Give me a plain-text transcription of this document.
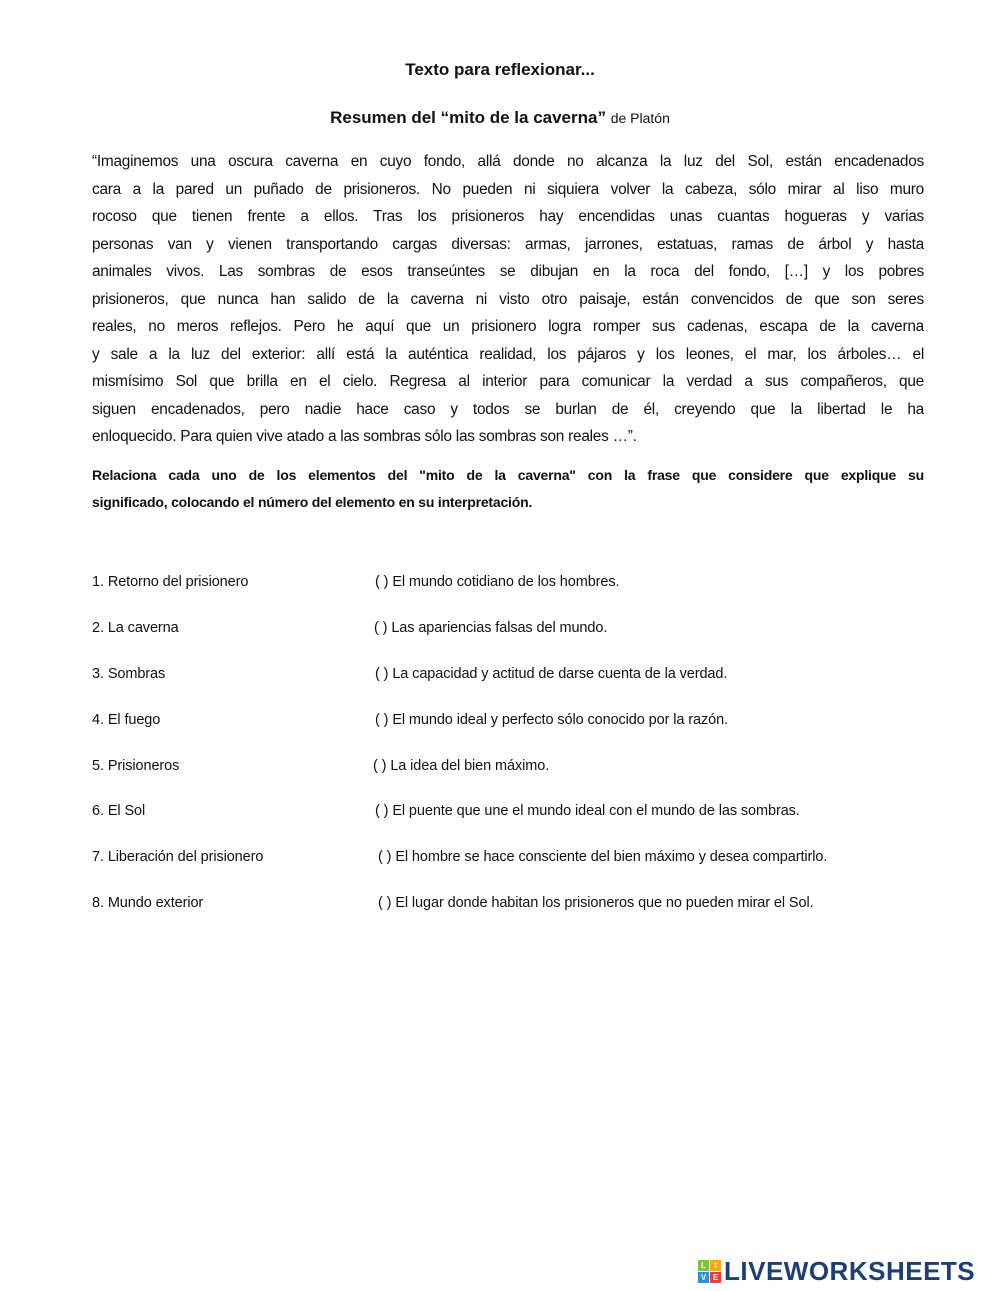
Texto para reflexionar...
Resumen del “mito de la caverna” de Platón
“Imaginemos una oscura caverna en cuyo fondo, allá donde no alcanza la luz del Sol, están encadenados
cara a la pared un puñado de prisioneros. No pueden ni siquiera volver la cabeza, sólo mirar al liso muro
rocoso que tienen frente a ellos. Tras los prisioneros hay encendidas unas cuantas hogueras y varias
personas van y vienen transportando cargas diversas: armas, jarrones, estatuas, ramas de árbol y hasta
animales vivos. Las sombras de esos transeúntes se dibujan en la roca del fondo, […] y los pobres
prisioneros, que nunca han salido de la caverna ni visto otro paisaje, están convencidos de que son seres
reales, no meros reflejos. Pero he aquí que un prisionero logra romper sus cadenas, escapa de la caverna
y sale a la luz del exterior: allí está la auténtica realidad, los pájaros y los leones, el mar, los árboles… el
mismísimo Sol que brilla en el cielo. Regresa al interior para comunicar la verdad a sus compañeros, que
siguen encadenados, pero nadie hace caso y todos se burlan de él, creyendo que la libertad le ha
enloquecido. Para quien vive atado a las sombras sólo las sombras son reales …”.
Relaciona cada uno de los elementos del "mito de la caverna" con la frase que considere que explique su
significado, colocando el número del elemento en su interpretación.
1. Retorno del prisionero	( ) El mundo cotidiano de los hombres.
2. La caverna	( ) Las apariencias falsas del mundo.
3. Sombras	( ) La capacidad y actitud de darse cuenta de la verdad.
4. El fuego	( ) El mundo ideal y perfecto sólo conocido por la razón.
5. Prisioneros	( ) La idea del bien máximo.
6. El Sol	( ) El puente que une el mundo ideal con el mundo de las sombras.
7. Liberación del prisionero	( ) El hombre se hace consciente del bien máximo y desea compartirlo.
8. Mundo exterior	( ) El lugar donde habitan los prisioneros que no pueden mirar el Sol.
L	I
V E LIVEWORKSHEETS
